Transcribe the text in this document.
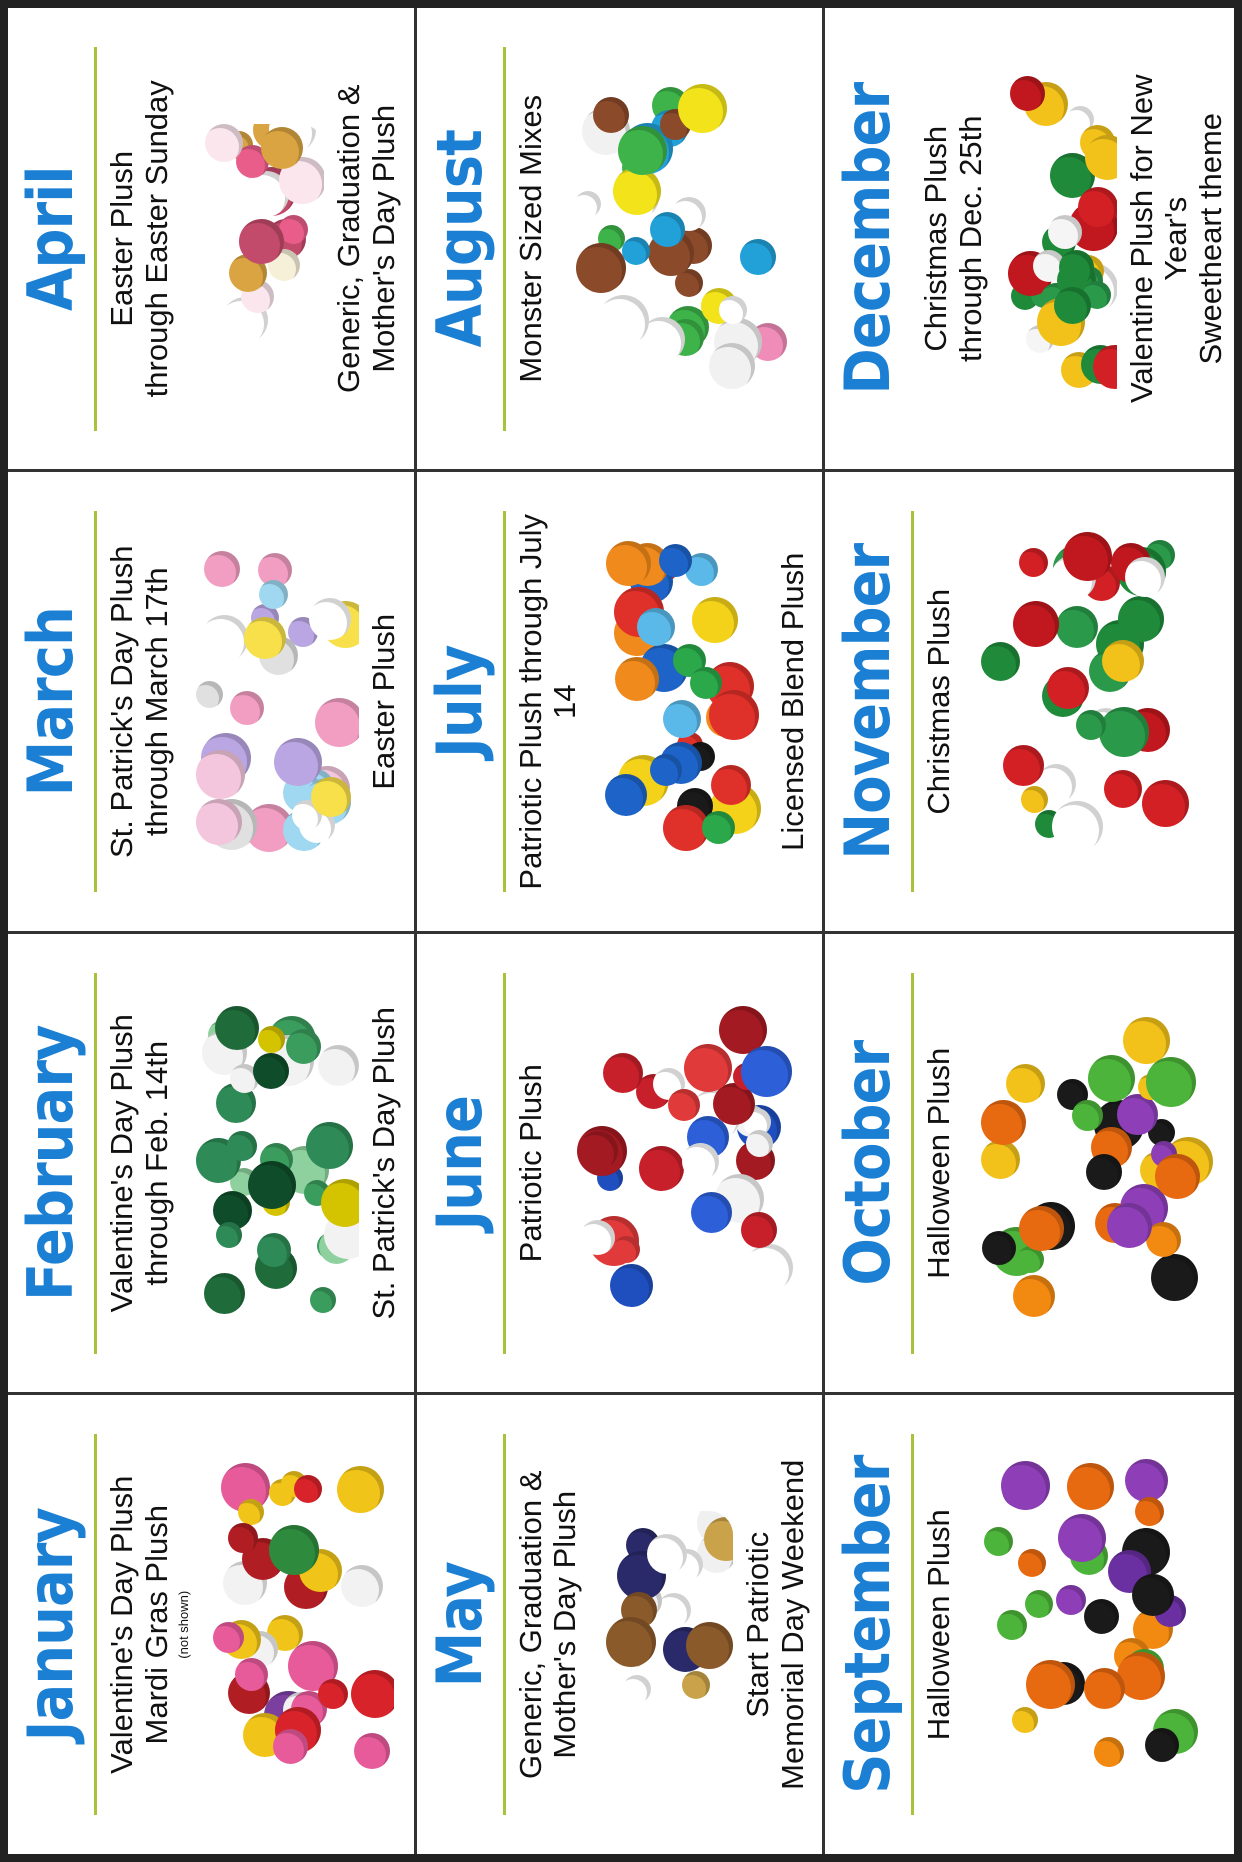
January Valentine's Day Plush Mardi Gras Plush (not shown)
February Valentine's Day Plush through Feb. 14th	St. Patrick's Day Plush
March St. Patrick's Day Plush through March 17th	Easter Plush
April Easter Plush through Easter Sunday	Generic, Graduation & Mother's Day Plush
May Generic, Graduation & Mother's Day Plush	Start Patriotic Memorial Day Weekend
June Patriotic Plush
July Patriotic Plush through July 14	Licensed Blend Plush
August Monster Sized Mixes
September Halloween Plush
October Halloween Plush
November Christmas Plush
December Christmas Plush through Dec. 25th	Valentine Plush for New Year's Sweetheart theme
